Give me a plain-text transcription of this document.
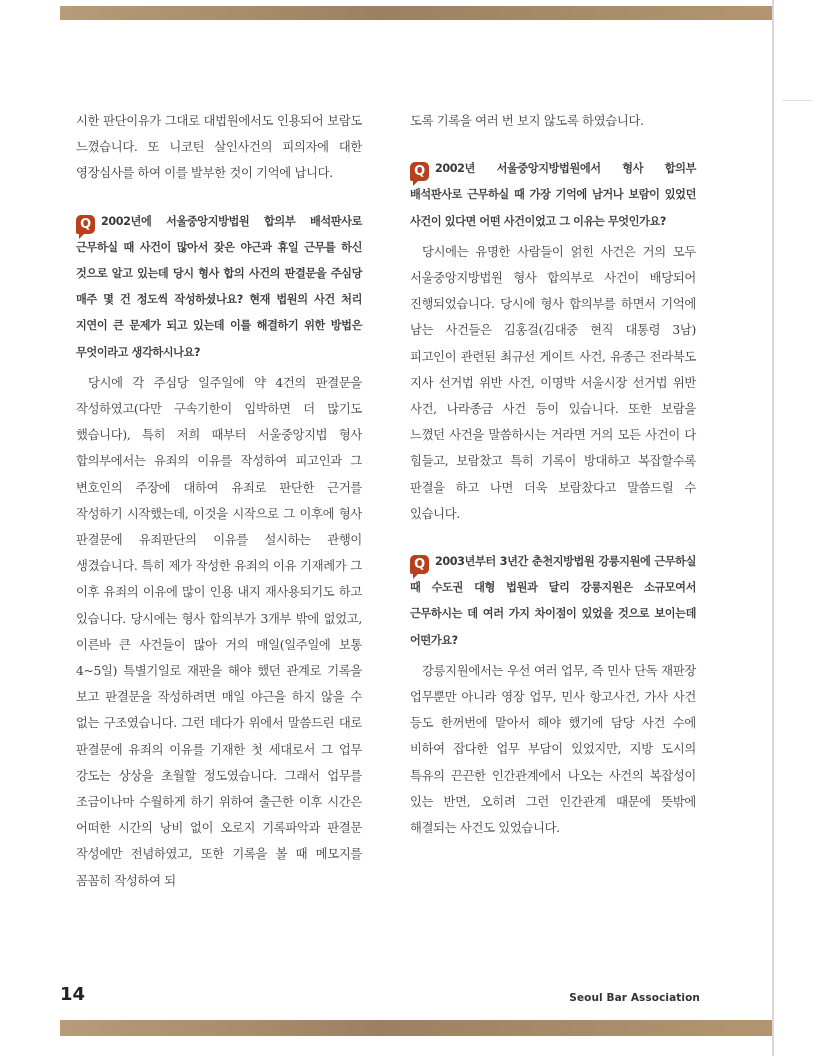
시한 판단이유가 그대로 대법원에서도 인용되어 보람도 느꼈습니다. 또 니코틴 살인사건의 피의자에 대한 영장심사를 하여 이를 발부한 것이 기억에 납니다.

Q 2002년에 서울중앙지방법원 합의부 배석판사로 근무하실 때 사건이 많아서 잦은 야근과 휴일 근무를 하신 것으로 알고 있는데 당시 형사 합의 사건의 판결문을 주심당 매주 몇 건 정도씩 작성하셨나요? 현재 법원의 사건 처리 지연이 큰 문제가 되고 있는데 이를 해결하기 위한 방법은 무엇이라고 생각하시나요?

당시에 각 주심당 일주일에 약 4건의 판결문을 작성하였고(다만 구속기한이 임박하면 더 많기도 했습니다), 특히 저희 때부터 서울중앙지법 형사 합의부에서는 유죄의 이유를 작성하여 피고인과 그 변호인의 주장에 대하여 유죄로 판단한 근거를 작성하기 시작했는데, 이것을 시작으로 그 이후에 형사 판결문에 유죄판단의 이유를 설시하는 관행이 생겼습니다. 특히 제가 작성한 유죄의 이유 기재례가 그 이후 유죄의 이유에 많이 인용 내지 재사용되기도 하고 있습니다. 당시에는 형사 합의부가 3개부 밖에 없었고, 이른바 큰 사건들이 많아 거의 매일(일주일에 보통 4~5일) 특별기일로 재판을 해야 했던 관계로 기록을 보고 판결문을 작성하려면 매일 야근을 하지 않을 수 없는 구조였습니다. 그런 데다가 위에서 말씀드린 대로 판결문에 유죄의 이유를 기재한 첫 세대로서 그 업무 강도는 상상을 초월할 정도였습니다. 그래서 업무를 조금이나마 수월하게 하기 위하여 출근한 이후 시간은 어떠한 시간의 낭비 없이 오로지 기록파악과 판결문 작성에만 전념하였고, 또한 기록을 볼 때 메모지를 꼼꼼히 작성하여 되

도록 기록을 여러 번 보지 않도록 하였습니다.

Q 2002년 서울중앙지방법원에서 형사 합의부 배석판사로 근무하실 때 가장 기억에 남거나 보람이 있었던 사건이 있다면 어떤 사건이었고 그 이유는 무엇인가요?

당시에는 유명한 사람들이 얽힌 사건은 거의 모두 서울중앙지방법원 형사 합의부로 사건이 배당되어 진행되었습니다. 당시에 형사 합의부를 하면서 기억에 남는 사건들은 김홍걸(김대중 현직 대통령 3남) 피고인이 관련된 최규선 게이트 사건, 유종근 전라북도 지사 선거법 위반 사건, 이명박 서울시장 선거법 위반 사건, 나라종금 사건 등이 있습니다. 또한 보람을 느꼈던 사건을 말씀하시는 거라면 거의 모든 사건이 다 힘들고, 보람찼고 특히 기록이 방대하고 복잡할수록 판결을 하고 나면 더욱 보람찼다고 말씀드릴 수 있습니다.

Q 2003년부터 3년간 춘천지방법원 강릉지원에 근무하실 때 수도권 대형 법원과 달리 강릉지원은 소규모여서 근무하시는 데 여러 가지 차이점이 있었을 것으로 보이는데 어떤가요?

강릉지원에서는 우선 여러 업무, 즉 민사 단독 재판장 업무뿐만 아니라 영장 업무, 민사 항고사건, 가사 사건 등도 한꺼번에 맡아서 해야 했기에 담당 사건 수에 비하여 잡다한 업무 부담이 있었지만, 지방 도시의 특유의 끈끈한 인간관계에서 나오는 사건의 복잡성이 있는 반면, 오히려 그런 인간관계 때문에 뜻밖에 해결되는 사건도 있었습니다.

14	Seoul Bar Association
